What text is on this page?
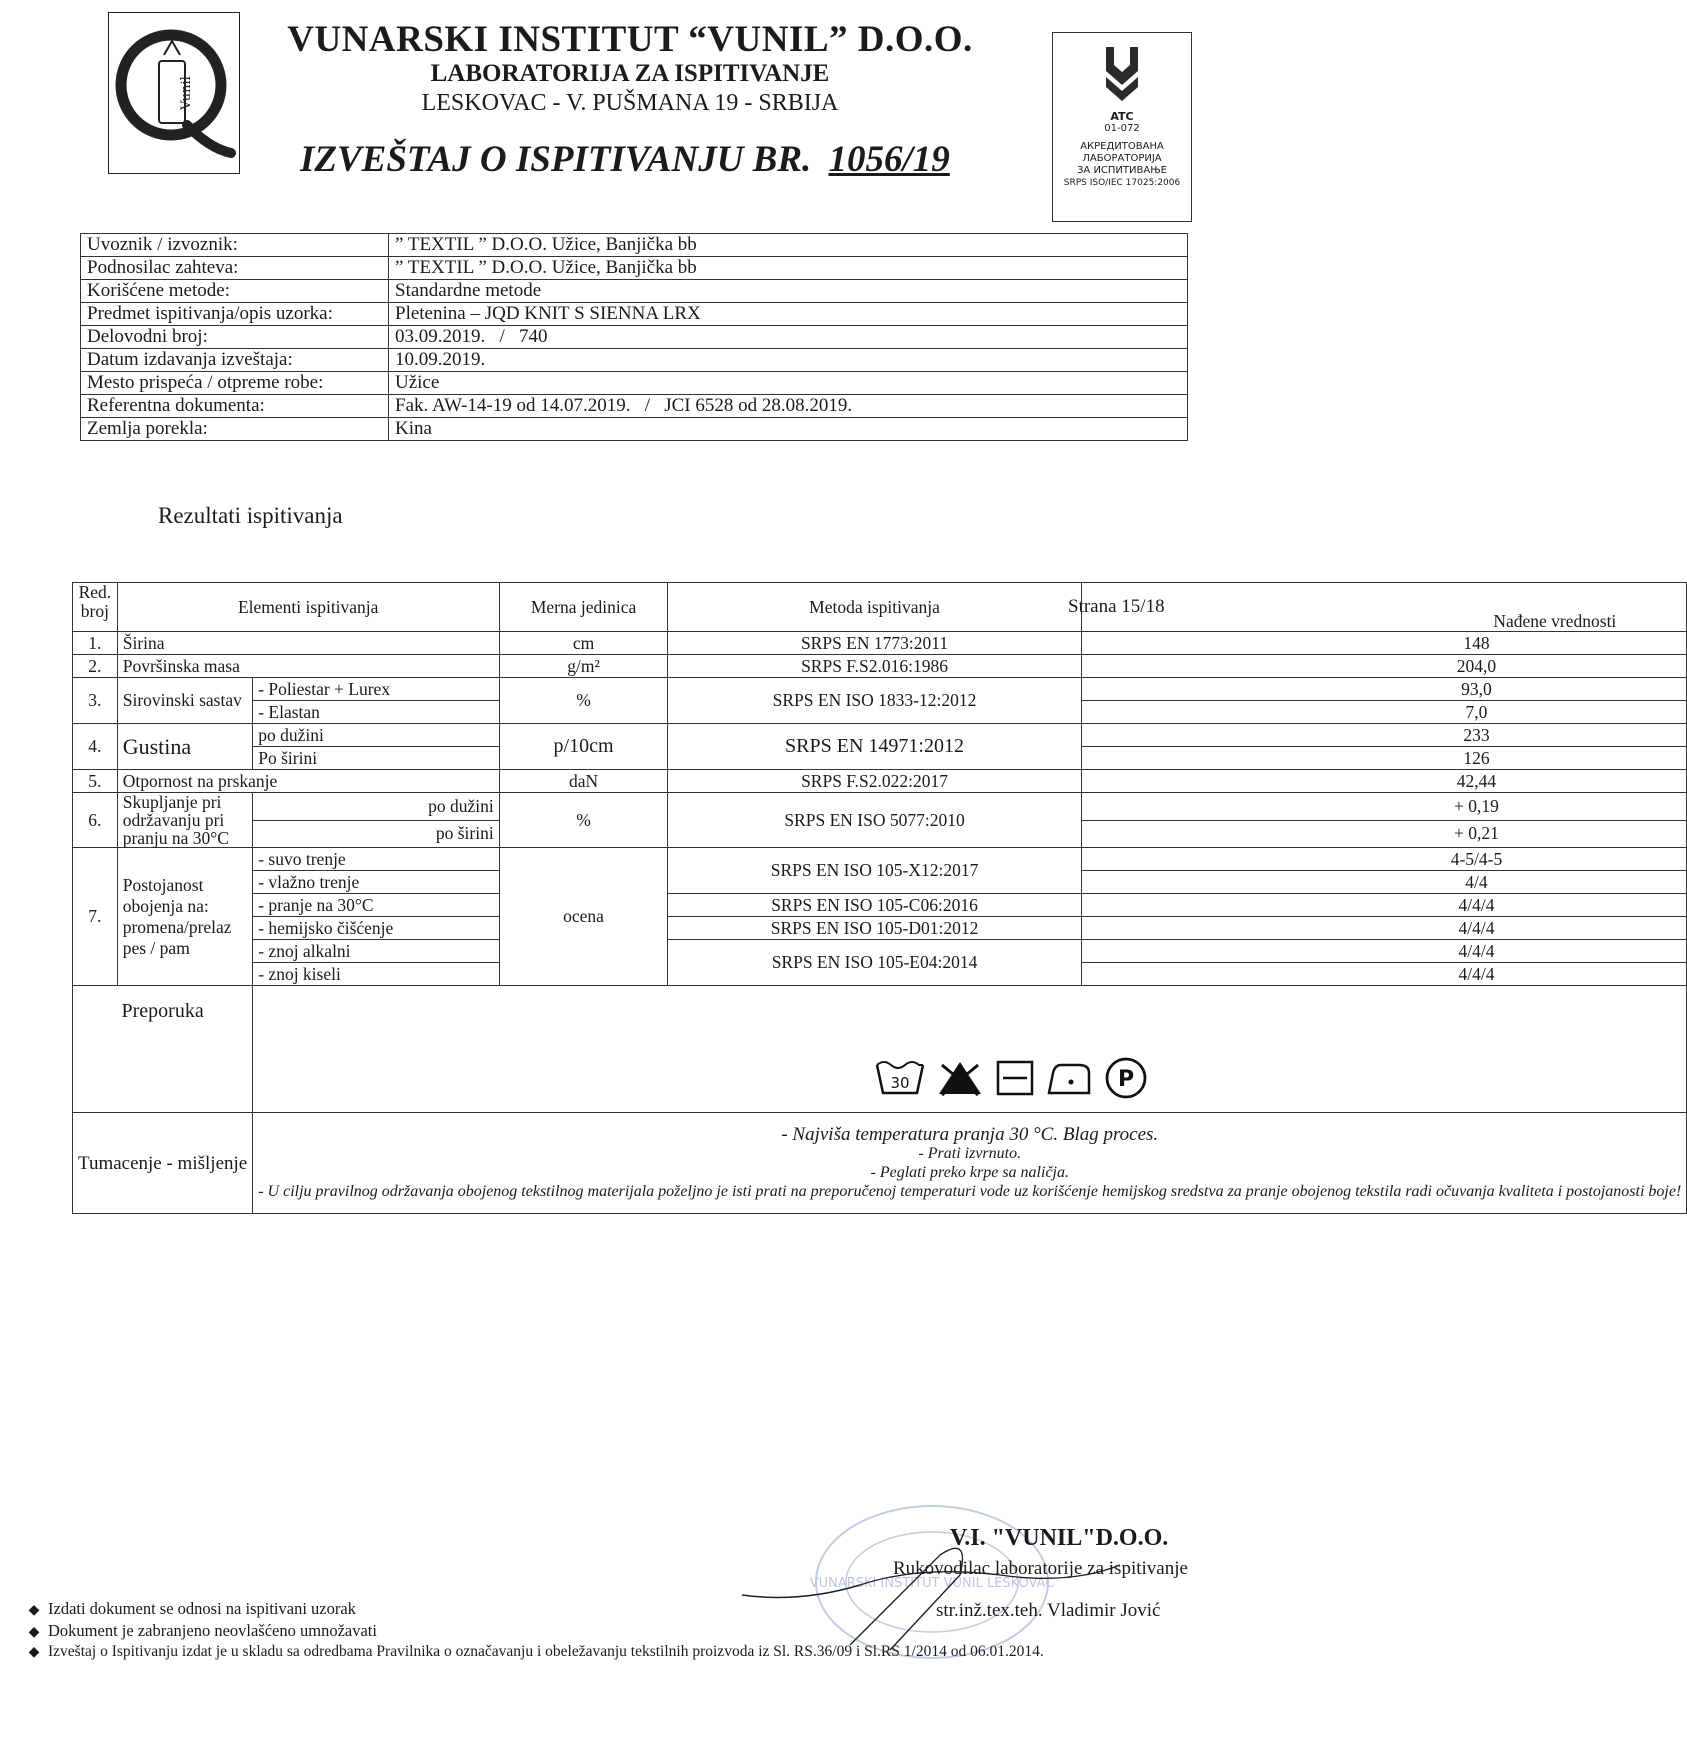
Vunil
VUNARSKI INSTITUT “VUNIL” D.O.O.
LABORATORIJA ZA ISPITIVANJE
LESKOVAC - V. PUŠMANA 19 - SRBIJA
IZVEŠTAJ O ISPITIVANJU BR. 1056/19
ATC
01-072
АКРЕДИТОВАНА
ЛАБОРАТОРИЈА
ЗА ИСПИТИВАЊЕ
SRPS ISO/IEC 17025:2006
Uvoznik / izvoznik:	” TEXTIL ” D.O.O. Užice, Banjička bb
Podnosilac zahteva:	” TEXTIL ” D.O.O. Užice, Banjička bb
Korišćene metode:	Standardne metode
Predmet ispitivanja/opis uzorka:	Pletenina – JQD KNIT S SIENNA LRX
Delovodni broj:	03.09.2019.   /   740
Datum izdavanja izveštaja:	10.09.2019.
Mesto prispeća / otpreme robe:	Užice
Referentna dokumenta:	Fak. AW-14-19 od 14.07.2019.   /   JCI 6528 od 28.08.2019.
Zemlja porekla:	Kina
Rezultati ispitivanja
Strana 15/18
Red. broj	Elementi ispitivanja		Merna jedinica	Metoda ispitivanja	Nađene vrednosti
1.	Širina		cm	SRPS EN 1773:2011	148
2.	Površinska masa		g/m²	SRPS F.S2.016:1986	204,0
3.	Sirovinski sastav	- Poliestar + Lurex	%	SRPS EN ISO 1833-12:2012	93,0
		- Elastan			7,0
4.	Gustina	po dužini	p/10cm	SRPS EN 14971:2012	233
		Po širini			126
5.	Otpornost na prskanje		daN	SRPS F.S2.022:2017	42,44
6.	Skupljanje pri održavanju pri pranju na 30°C	po dužini	%	SRPS EN ISO 5077:2010	+ 0,19
		po širini			+ 0,21
7.	Postojanost obojenja na: promena/prelaz pes / pam	- suvo trenje	ocena	SRPS EN ISO 105-X12:2017	4-5/4-5
		- vlažno trenje			4/4
		- pranje na 30°C		SRPS EN ISO 105-C06:2016	4/4/4
		- hemijsko čišćenje		SRPS EN ISO 105-D01:2012	4/4/4
		- znoj alkalni		SRPS EN ISO 105-E04:2014	4/4/4
		- znoj kiseli			4/4/4
Preporuka		30
P			

Tumacenje - mišljenje		- Najviša temperatura pranja 30 °C. Blag proces.
- Prati izvrnuto.
- Peglati preko krpe sa naličja.
- U cilju pravilnog održavanja obojenog tekstilnog materijala poželjno je isti prati na preporučenoj temperaturi vode uz korišćenje hemijskog sredstva za pranje obojenog tekstila radi očuvanja kvaliteta i postojanosti boje!			
VUNARSKI INSTITUT VUNIL LESKOVAC
V.I. "VUNIL"D.O.O.
Rukovodilac laboratorije za ispitivanje
str.inž.tex.teh. Vladimir Jović
◆ Izdati dokument se odnosi na ispitivani uzorak
◆ Dokument je zabranjeno neovlašćeno umnožavati
◆ Izveštaj o Ispitivanju izdat je u skladu sa odredbama Pravilnika o označavanju i obeležavanju tekstilnih proizvoda iz Sl. RS.36/09 i Sl.RS 1/2014 od 06.01.2014.
